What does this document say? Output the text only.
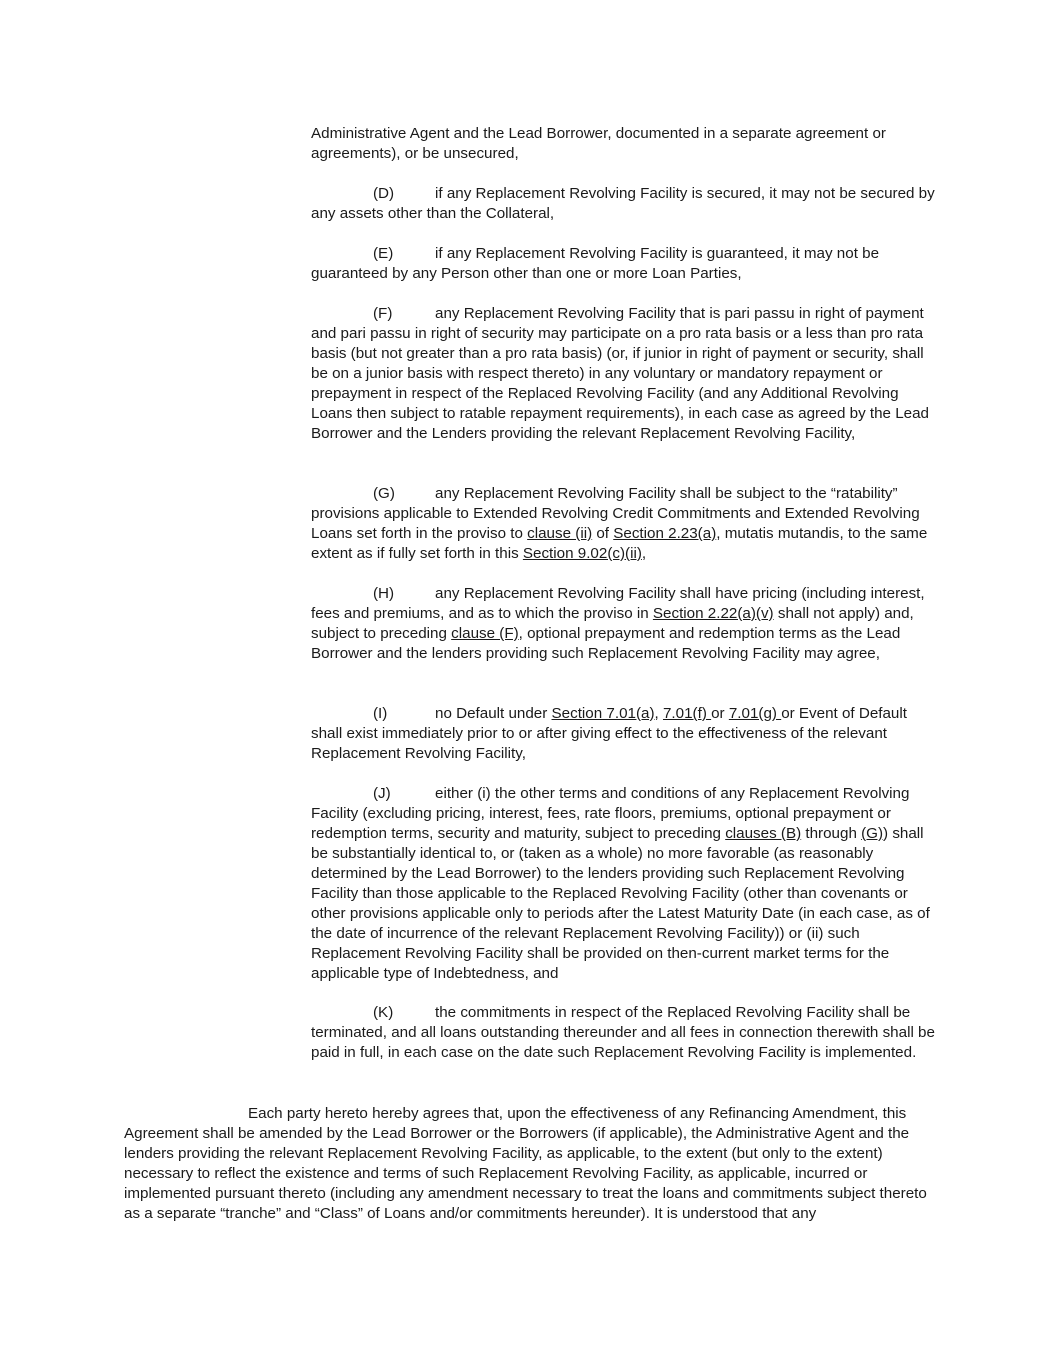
Administrative Agent and the Lead Borrower, documented in a separate agreement or agreements), or be unsecured,

(D)	if any Replacement Revolving Facility is secured, it may not be secured by any assets other than the Collateral,

(E)	if any Replacement Revolving Facility is guaranteed, it may not be guaranteed by any Person other than one or more Loan Parties,

(F)	any Replacement Revolving Facility that is pari passu in right of payment and pari passu in right of security may participate on a pro rata basis or a less than pro rata basis (but not greater than a pro rata basis) (or, if junior in right of payment or security, shall be on a junior basis with respect thereto) in any voluntary or mandatory repayment or prepayment in respect of the Replaced Revolving Facility (and any Additional Revolving Loans then subject to ratable repayment requirements), in each case as agreed by the Lead Borrower and the Lenders providing the relevant Replacement Revolving Facility,

(G)	any Replacement Revolving Facility shall be subject to the “ratability” provisions applicable to Extended Revolving Credit Commitments and Extended Revolving Loans set forth in the proviso to clause (ii) of Section 2.23(a), mutatis mutandis, to the same extent as if fully set forth in this Section 9.02(c)(ii),

(H)	any Replacement Revolving Facility shall have pricing (including interest, fees and premiums, and as to which the proviso in Section 2.22(a)(v) shall not apply) and, subject to preceding clause (F), optional prepayment and redemption terms as the Lead Borrower and the lenders providing such Replacement Revolving Facility may agree,

(I)	no Default under Section 7.01(a), 7.01(f) or 7.01(g) or Event of Default shall exist immediately prior to or after giving effect to the effectiveness of the relevant Replacement Revolving Facility,

(J)	either (i) the other terms and conditions of any Replacement Revolving Facility (excluding pricing, interest, fees, rate floors, premiums, optional prepayment or redemption terms, security and maturity, subject to preceding clauses (B) through (G)) shall be substantially identical to, or (taken as a whole) no more favorable (as reasonably determined by the Lead Borrower) to the lenders providing such Replacement Revolving Facility than those applicable to the Replaced Revolving Facility (other than covenants or other provisions applicable only to periods after the Latest Maturity Date (in each case, as of the date of incurrence of the relevant Replacement Revolving Facility)) or (ii) such Replacement Revolving Facility shall be provided on then-current market terms for the applicable type of Indebtedness, and

(K)	the commitments in respect of the Replaced Revolving Facility shall be terminated, and all loans outstanding thereunder and all fees in connection therewith shall be paid in full, in each case on the date such Replacement Revolving Facility is implemented.

Each party hereto hereby agrees that, upon the effectiveness of any Refinancing Amendment, this Agreement shall be amended by the Lead Borrower or the Borrowers (if applicable), the Administrative Agent and the lenders providing the relevant Replacement Revolving Facility, as applicable, to the extent (but only to the extent) necessary to reflect the existence and terms of such Replacement Revolving Facility, as applicable, incurred or implemented pursuant thereto (including any amendment necessary to treat the loans and commitments subject thereto as a separate “tranche” and “Class” of Loans and/or commitments hereunder). It is understood that any
